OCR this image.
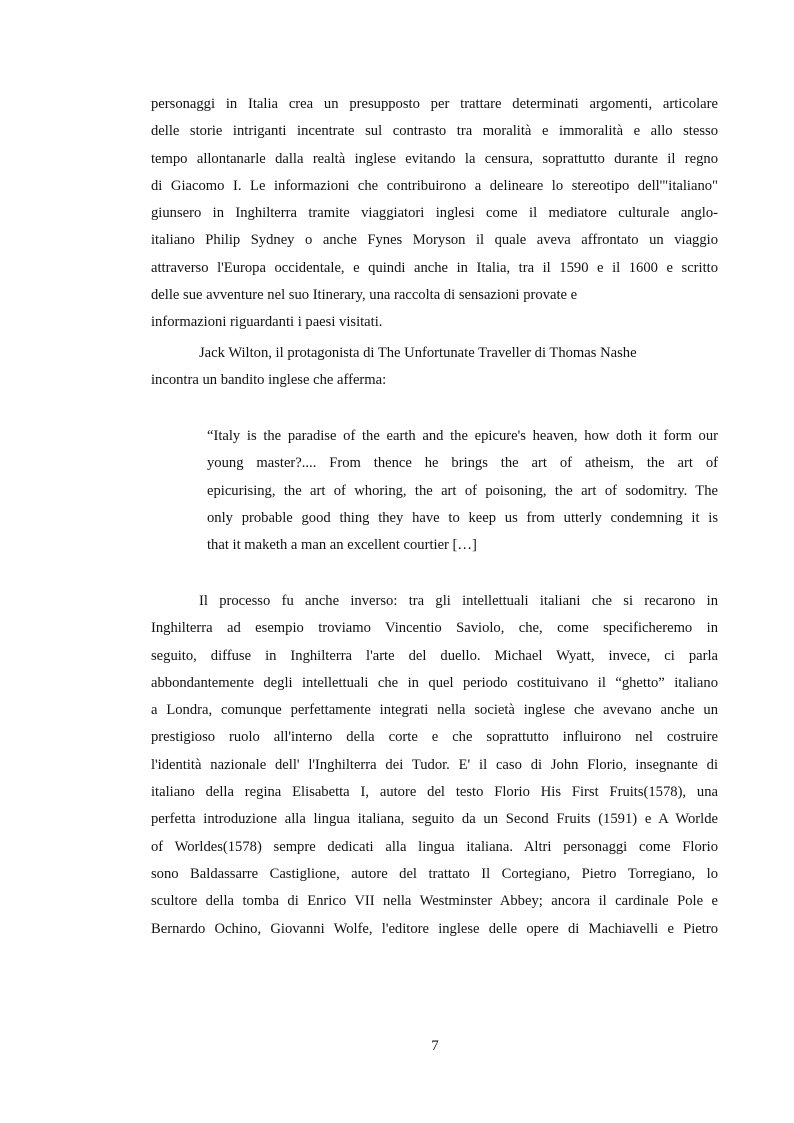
personaggi in Italia crea un presupposto per trattare determinati argomenti, articolare
delle storie intriganti incentrate sul contrasto tra moralità e immoralità e allo stesso
tempo allontanarle dalla realtà inglese evitando la censura, soprattutto durante il regno
di Giacomo I. Le informazioni che contribuirono a delineare lo stereotipo dell'"italiano"
giunsero in Inghilterra tramite viaggiatori inglesi come il mediatore culturale anglo-
italiano Philip Sydney o anche Fynes Moryson il quale aveva affrontato un viaggio
attraverso l'Europa occidentale, e quindi anche in Italia, tra il 1590 e il 1600 e scritto
delle sue avventure nel suo Itinerary, una raccolta di sensazioni provate e
informazioni riguardanti i paesi visitati.
Jack Wilton, il protagonista di The Unfortunate Traveller di Thomas Nashe
incontra un bandito inglese che afferma:
“Italy is the paradise of the earth and the epicure's heaven, how doth it form our
young master?.... From thence he brings the art of atheism, the art of
epicurising, the art of whoring, the art of poisoning, the art of sodomitry. The
only probable good thing they have to keep us from utterly condemning it is
that it maketh a man an excellent courtier […]
Il processo fu anche inverso: tra gli intellettuali italiani che si recarono in
Inghilterra ad esempio troviamo Vincentio Saviolo, che, come specificheremo in
seguito, diffuse in Inghilterra l'arte del duello. Michael Wyatt, invece, ci parla
abbondantemente degli intellettuali che in quel periodo costituivano il “ghetto” italiano
a Londra, comunque perfettamente integrati nella società inglese che avevano anche un
prestigioso ruolo all'interno della corte e che soprattutto influirono nel costruire
l'identità nazionale dell' l'Inghilterra dei Tudor. E' il caso di John Florio, insegnante di
italiano della regina Elisabetta I, autore del testo Florio His First Fruits(1578), una
perfetta introduzione alla lingua italiana, seguito da un Second Fruits (1591) e A Worlde
of Worldes(1578) sempre dedicati alla lingua italiana. Altri personaggi come Florio
sono Baldassarre Castiglione, autore del trattato Il Cortegiano, Pietro Torregiano, lo
scultore della tomba di Enrico VII nella Westminster Abbey; ancora il cardinale Pole e
Bernardo Ochino, Giovanni Wolfe, l'editore inglese delle opere di Machiavelli e Pietro
7
